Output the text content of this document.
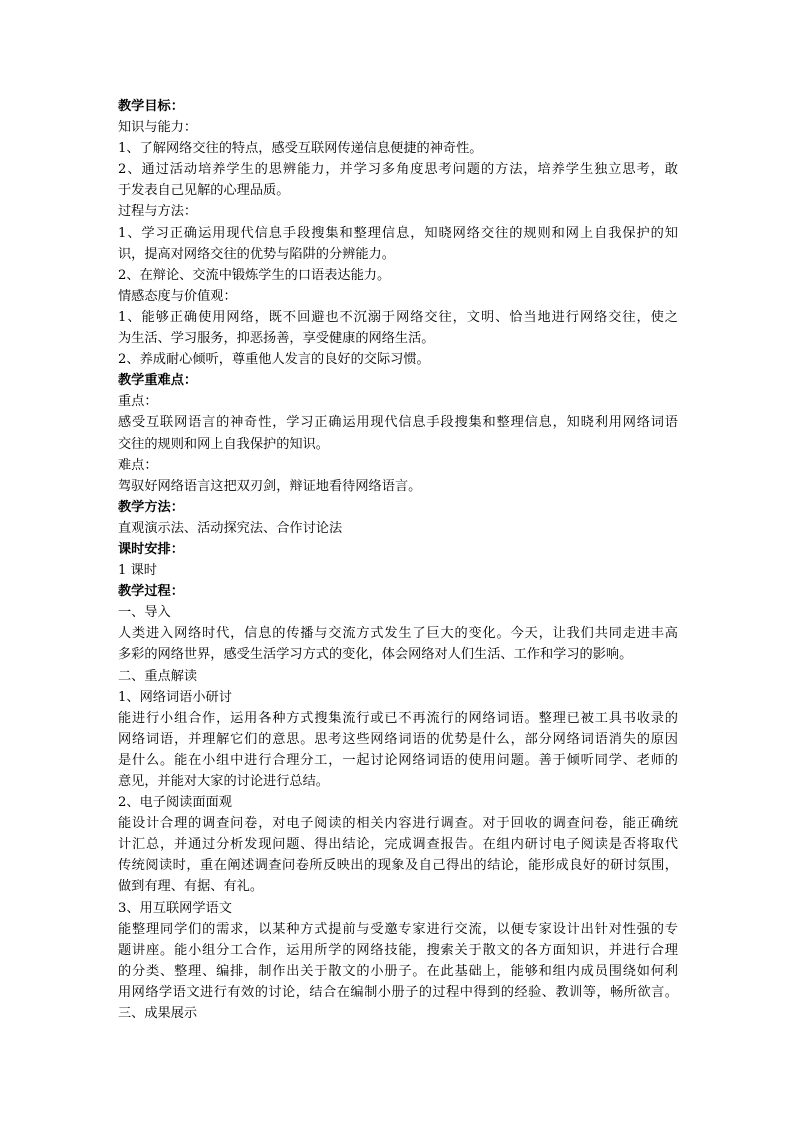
教学目标：
知识与能力：
1、了解网络交往的特点，感受互联网传递信息便捷的神奇性。
2、通过活动培养学生的思辨能力，并学习多角度思考问题的方法，培养学生独立思考，敢
于发表自己见解的心理品质。
过程与方法：
1、学习正确运用现代信息手段搜集和整理信息，知晓网络交往的规则和网上自我保护的知
识，提高对网络交往的优势与陷阱的分辨能力。
2、在辩论、交流中锻炼学生的口语表达能力。
情感态度与价值观：
1、能够正确使用网络，既不回避也不沉溺于网络交往，文明、恰当地进行网络交往，使之
为生活、学习服务，抑恶扬善，享受健康的网络生活。
2、养成耐心倾听，尊重他人发言的良好的交际习惯。
教学重难点：
重点：
感受互联网语言的神奇性，学习正确运用现代信息手段搜集和整理信息，知晓利用网络词语
交往的规则和网上自我保护的知识。
难点：
驾驭好网络语言这把双刃剑，辩证地看待网络语言。
教学方法：
直观演示法、活动探究法、合作讨论法
课时安排：
1 课时
教学过程：
一、导入
人类进入网络时代，信息的传播与交流方式发生了巨大的变化。今天，让我们共同走进丰高
多彩的网络世界，感受生活学习方式的变化，体会网络对人们生活、工作和学习的影响。
二、重点解读
1、网络词语小研讨
能进行小组合作，运用各种方式搜集流行或已不再流行的网络词语。整理已被工具书收录的
网络词语，并理解它们的意思。思考这些网络词语的优势是什么，部分网络词语消失的原因
是什么。能在小组中进行合理分工，一起讨论网络词语的使用问题。善于倾听同学、老师的
意见，并能对大家的讨论进行总结。
2、电子阅读面面观
能设计合理的调查问卷，对电子阅读的相关内容进行调查。对于回收的调查问卷，能正确统
计汇总，并通过分析发现问题、得出结论，完成调查报告。在组内研讨电子阅读是否将取代
传统阅读时，重在阐述调查问卷所反映出的现象及自己得出的结论，能形成良好的研讨氛围，
做到有理、有据、有礼。
3、用互联网学语文
能整理同学们的需求，以某种方式提前与受邀专家进行交流，以便专家设计出针对性强的专
题讲座。能小组分工合作，运用所学的网络技能，搜索关于散文的各方面知识，并进行合理
的分类、整理、编排，制作出关于散文的小册子。在此基础上，能够和组内成员围绕如何利
用网络学语文进行有效的讨论，结合在编制小册子的过程中得到的经验、教训等，畅所欲言。
三、成果展示
